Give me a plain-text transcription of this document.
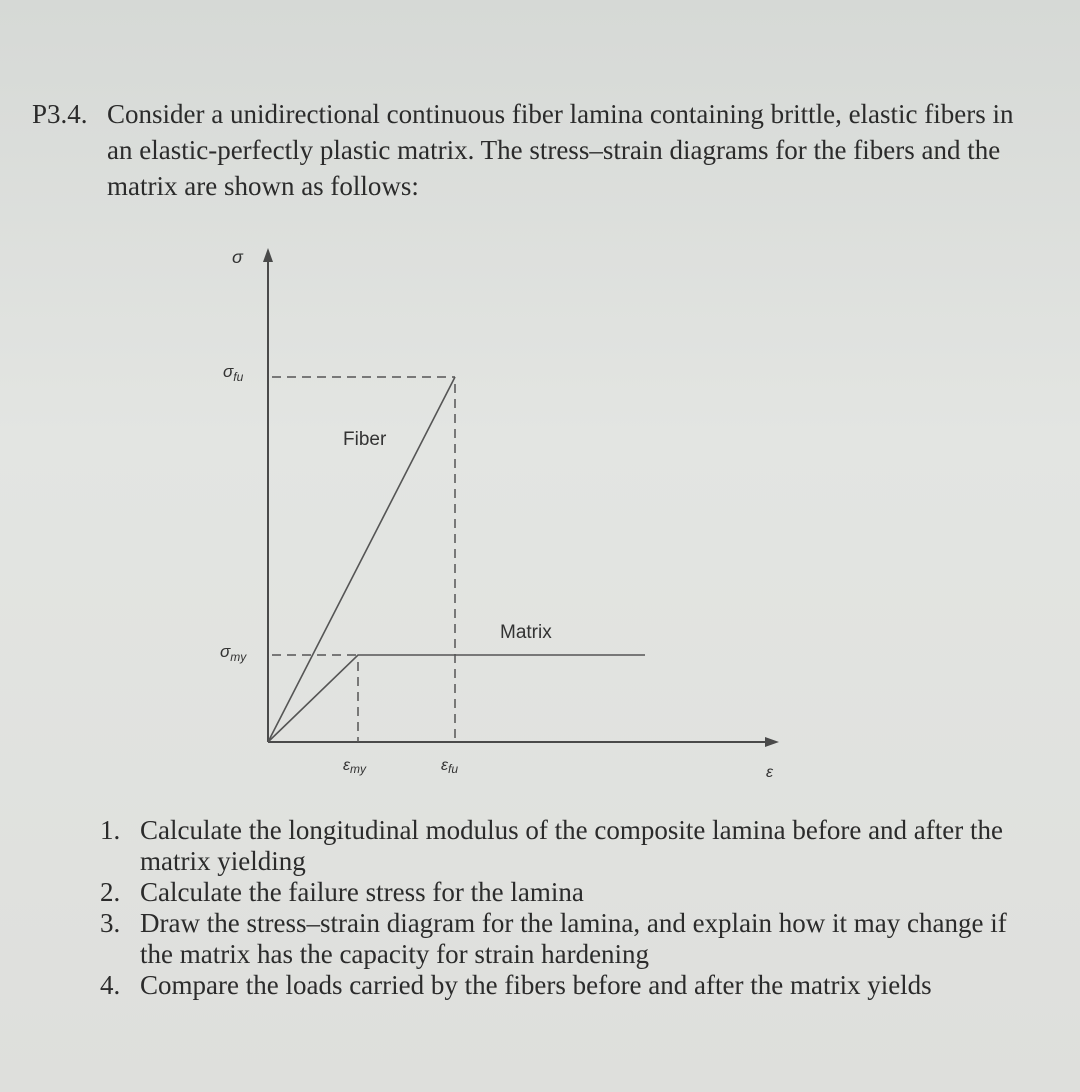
P3.4. Consider a unidirectional continuous fiber lamina containing brittle, elastic fibers in an elastic-perfectly plastic matrix. The stress–strain diagrams for the fibers and the matrix are shown as follows:
σ
$\sigma_{fu}$
$\sigma_{my}$
εmy	εfu	ε
Fiber
Matrix
1. Calculate the longitudinal modulus of the composite lamina before and after the matrix yielding
2. Calculate the failure stress for the lamina
3. Draw the stress–strain diagram for the lamina, and explain how it may change if the matrix has the capacity for strain hardening
4. Compare the loads carried by the fibers before and after the matrix yields
